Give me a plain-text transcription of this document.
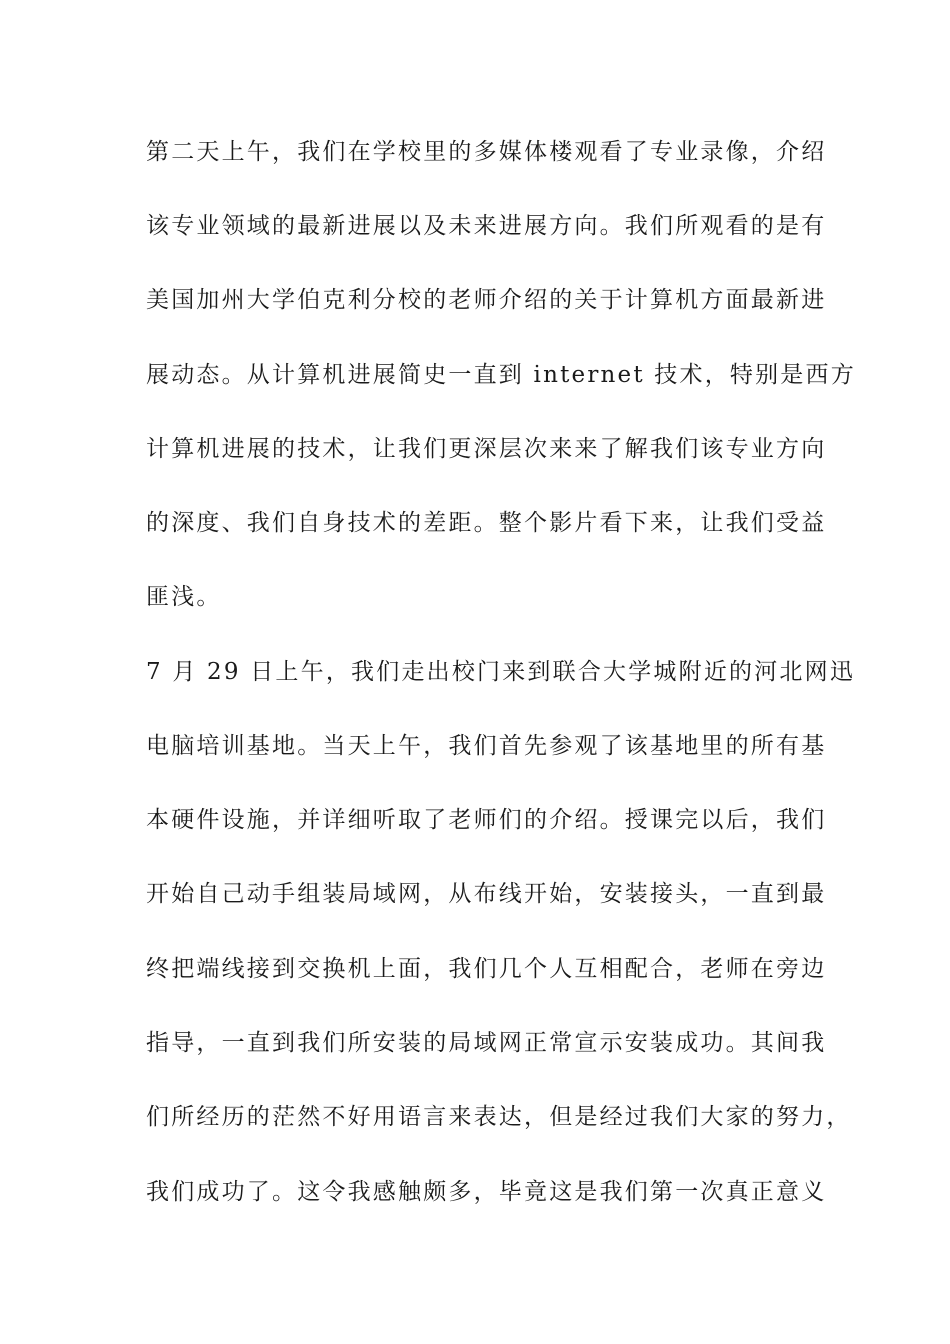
第二天上午，我们在学校里的多媒体楼观看了专业录像，介绍
该专业领域的最新进展以及未来进展方向。我们所观看的是有
美国加州大学伯克利分校的老师介绍的关于计算机方面最新进
展动态。从计算机进展简史一直到 internet 技术，特别是西方
计算机进展的技术，让我们更深层次来来了解我们该专业方向
的深度、我们自身技术的差距。整个影片看下来，让我们受益
匪浅。
7 月 29 日上午，我们走出校门来到联合大学城附近的河北网迅
电脑培训基地。当天上午，我们首先参观了该基地里的所有基
本硬件设施，并详细听取了老师们的介绍。授课完以后，我们
开始自己动手组装局域网，从布线开始，安装接头，一直到最
终把端线接到交换机上面，我们几个人互相配合，老师在旁边
指导，一直到我们所安装的局域网正常宣示安装成功。其间我
们所经历的茫然不好用语言来表达，但是经过我们大家的努力，
我们成功了。这令我感触颇多，毕竟这是我们第一次真正意义
